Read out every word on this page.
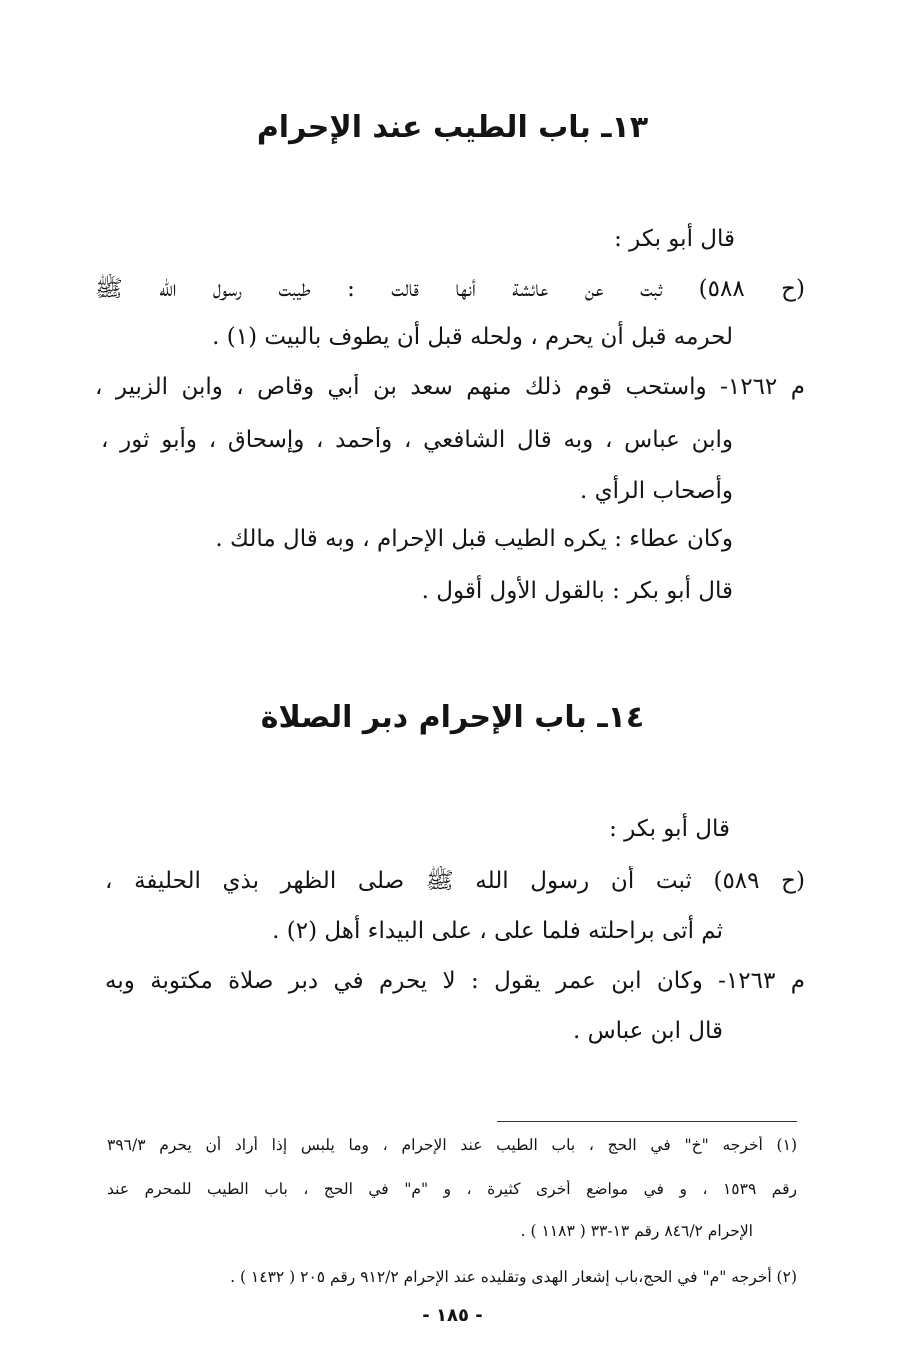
١٣ـ باب الطيب عند الإحرام
قال أبو بكر :
(ح ٥٨٨) ثبت عن عائشة أنها قالت : طيبت رسول الله ﷺ
لحرمه قبل أن يحرم ، ولحله قبل أن يطوف بالبيت (١) .
م ١٢٦٢- واستحب قوم ذلك منهم سعد بن أبي وقاص ، وابن الزبير ،
وابن عباس ، وبه قال الشافعي ، وأحمد ، وإسحاق ، وأبو ثور ،
وأصحاب الرأي .
وكان عطاء : يكره الطيب قبل الإحرام ، وبه قال مالك .
قال أبو بكر : بالقول الأول أقول .
١٤ـ باب الإحرام دبر الصلاة
قال أبو بكر :
(ح ٥٨٩) ثبت أن رسول الله ﷺ صلى الظهر بذي الحليفة ،
ثم أتى براحلته فلما على ، على البيداء أهل (٢) .
م ١٢٦٣- وكان ابن عمر يقول : لا يحرم في دبر صلاة مكتوبة وبه
قال ابن عباس .
(١) أخرجه "خ" في الحج ، باب الطيب عند الإحرام ، وما يلبس إذا أراد أن يحرم ٣٩٦/٣
رقم ١٥٣٩ ، و في مواضع أخرى كثيرة ، و "م" في الحج ، باب الطيب للمحرم عند
الإحرام ٨٤٦/٢ رقم ١٣-٣٣ ( ١١٨٣ ) .
(٢) أخرجه "م" في الحج،باب إشعار الهدى وتقليده عند الإحرام ٩١٢/٢ رقم ٢٠٥ ( ١٤٣٢ ) .
- ١٨٥ -
